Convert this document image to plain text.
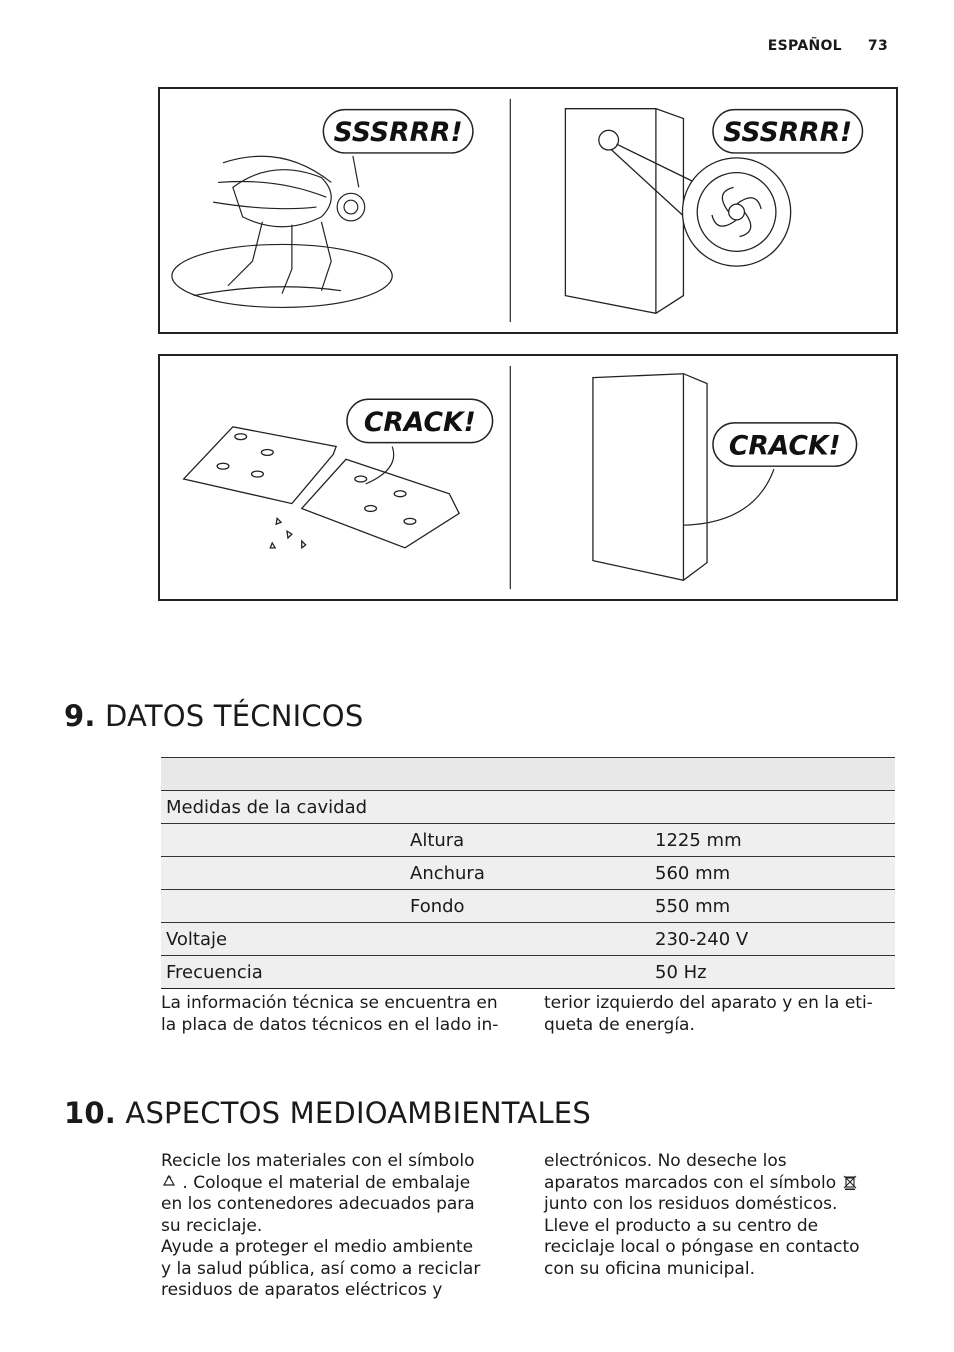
ESPAÑOL 73
SSSRRR!	SSSRRR!
CRACK!
CRACK!
9. DATOS TÉCNICOS

Medidas de la cavidad		
	Altura	1225 mm
	Anchura	560 mm
	Fondo	550 mm
Voltaje		230-240 V
Frecuencia		50 Hz

La información técnica se encuentra en

la placa de datos técnicos en el lado in-

terior izquierdo del aparato y en la eti-

queta de energía.

10. ASPECTOS MEDIOAMBIENTALES

Recicle los materiales con el símbolo

. Coloque el material de embalaje

en los contenedores adecuados para

su reciclaje.

Ayude a proteger el medio ambiente

y la salud pública, así como a reciclar

residuos de aparatos eléctricos y

electrónicos. No deseche los

aparatos marcados con el símbolo

junto con los residuos domésticos.

Lleve el producto a su centro de

reciclaje local o póngase en contacto

con su oficina municipal.
